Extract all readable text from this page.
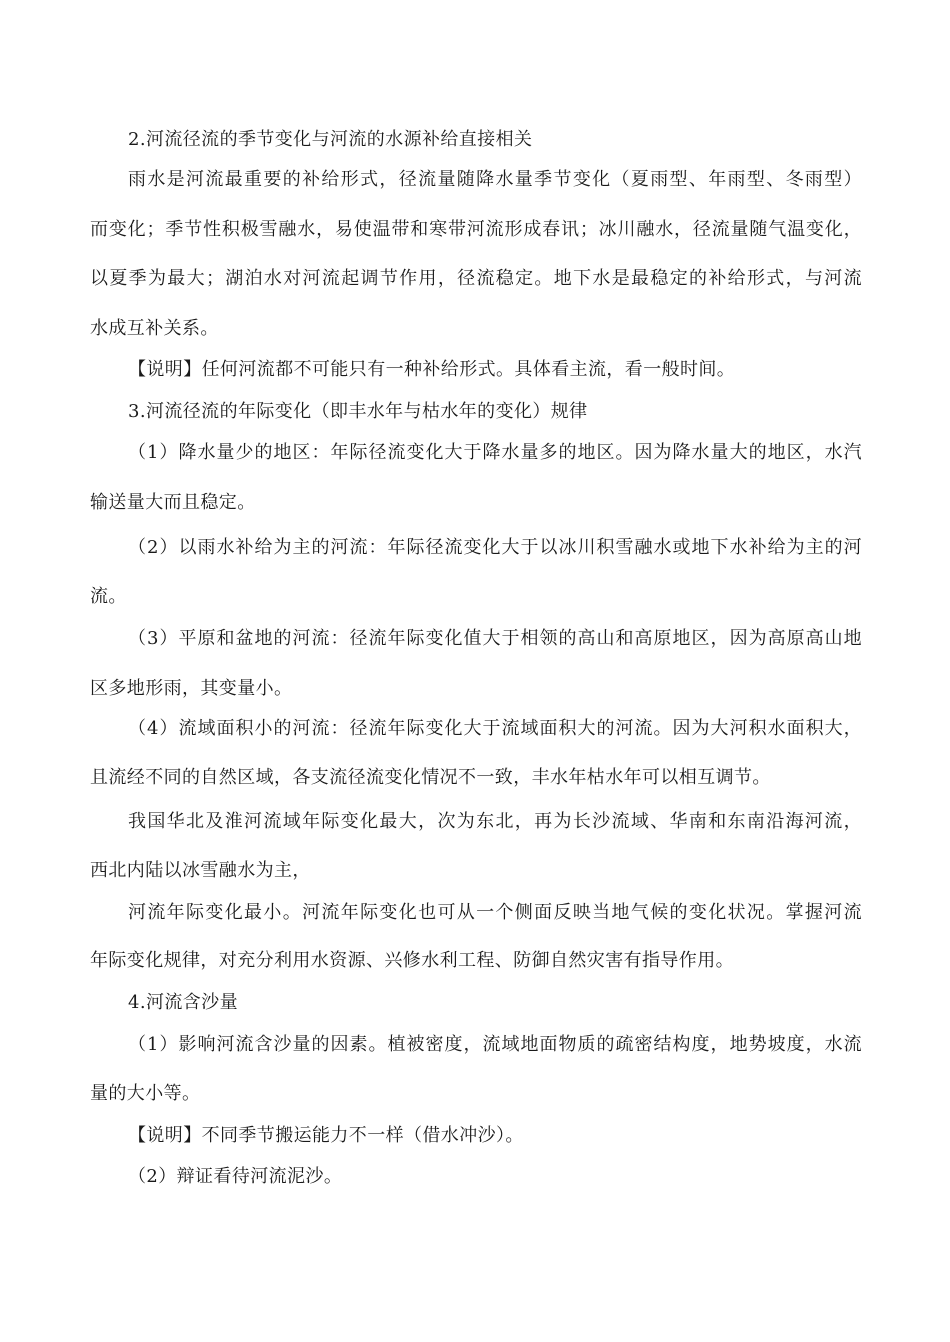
2.河流径流的季节变化与河流的水源补给直接相关
雨水是河流最重要的补给形式，径流量随降水量季节变化（夏雨型、年雨型、冬雨型）
而变化；季节性积极雪融水，易使温带和寒带河流形成春讯；冰川融水，径流量随气温变化，
以夏季为最大；湖泊水对河流起调节作用，径流稳定。地下水是最稳定的补给形式，与河流
水成互补关系。
【说明】任何河流都不可能只有一种补给形式。具体看主流，看一般时间。
3.河流径流的年际变化（即丰水年与枯水年的变化）规律
（1）降水量少的地区：年际径流变化大于降水量多的地区。因为降水量大的地区，水汽
输送量大而且稳定。
（2）以雨水补给为主的河流：年际径流变化大于以冰川积雪融水或地下水补给为主的河
流。
（3）平原和盆地的河流：径流年际变化值大于相领的高山和高原地区，因为高原高山地
区多地形雨，其变量小。
（4）流域面积小的河流：径流年际变化大于流域面积大的河流。因为大河积水面积大，
且流经不同的自然区域，各支流径流变化情况不一致，丰水年枯水年可以相互调节。
我国华北及淮河流域年际变化最大，次为东北，再为长沙流域、华南和东南沿海河流，
西北内陆以冰雪融水为主，
河流年际变化最小。河流年际变化也可从一个侧面反映当地气候的变化状况。掌握河流
年际变化规律，对充分利用水资源、兴修水利工程、防御自然灾害有指导作用。
4.河流含沙量
（1）影响河流含沙量的因素。植被密度，流域地面物质的疏密结构度，地势坡度，水流
量的大小等。
【说明】不同季节搬运能力不一样（借水冲沙）。
（2）辩证看待河流泥沙。
